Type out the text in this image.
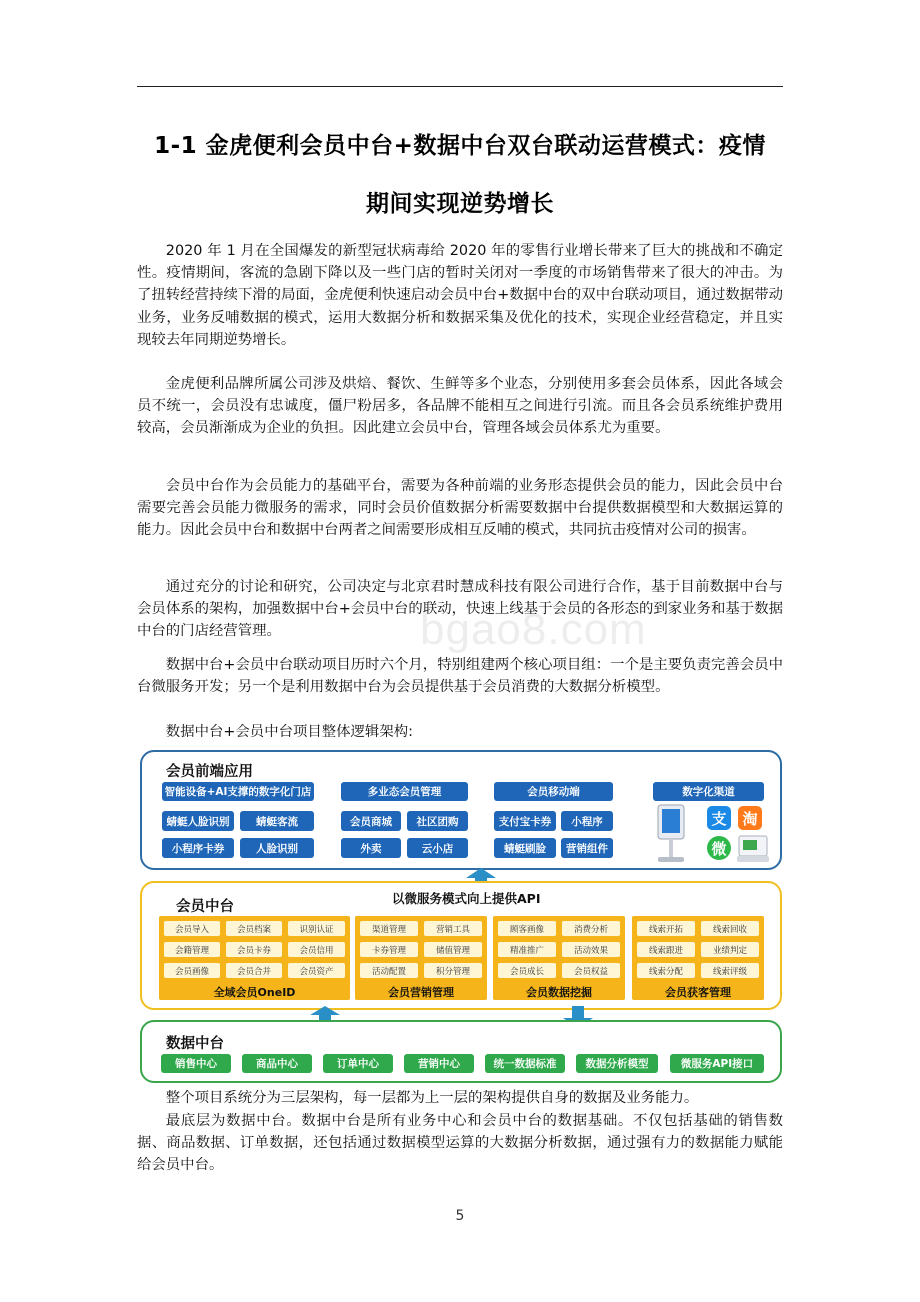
1-1 金虎便利会员中台+数据中台双台联动运营模式：疫情
期间实现逆势增长

2020 年 1 月在全国爆发的新型冠状病毒给 2020 年的零售行业增长带来了巨大的挑战和不确定性。疫情期间，客流的急剧下降以及一些门店的暂时关闭对一季度的市场销售带来了很大的冲击。为了扭转经营持续下滑的局面，金虎便利快速启动会员中台+数据中台的双中台联动项目，通过数据带动业务，业务反哺数据的模式，运用大数据分析和数据采集及优化的技术，实现企业经营稳定，并且实现较去年同期逆势增长。

金虎便利品牌所属公司涉及烘焙、餐饮、生鲜等多个业态，分别使用多套会员体系，因此各域会员不统一，会员没有忠诚度，僵尸粉居多，各品牌不能相互之间进行引流。而且各会员系统维护费用较高，会员渐渐成为企业的负担。因此建立会员中台，管理各域会员体系尤为重要。

会员中台作为会员能力的基础平台，需要为各种前端的业务形态提供会员的能力，因此会员中台需要完善会员能力微服务的需求，同时会员价值数据分析需要数据中台提供数据模型和大数据运算的能力。因此会员中台和数据中台两者之间需要形成相互反哺的模式，共同抗击疫情对公司的损害。

通过充分的讨论和研究，公司决定与北京君时慧成科技有限公司进行合作，基于目前数据中台与会员体系的架构，加强数据中台+会员中台的联动，快速上线基于会员的各形态的到家业务和基于数据中台的门店经营管理。

数据中台+会员中台联动项目历时六个月，特别组建两个核心项目组：一个是主要负责完善会员中台微服务开发；另一个是利用数据中台为会员提供基于会员消费的大数据分析模型。

数据中台+会员中台项目整体逻辑架构:

bgao8.com
会员前端应用
智能设备+AI支撑的数字化门店
蜻蜓人脸识别	蜻蜓客流
小程序卡券	人脸识别
多业态会员管理
会员商城	社区团购
外卖	云小店
会员移动端
支付宝卡券	小程序
蜻蜓刷脸	营销组件
数字化渠道
支	淘
微
会员中台
以微服务模式向上提供API
会员导入	会员档案	识别认证
会籍管理	会员卡券	会员信用
会员画像	会员合并	会员资产
全域会员OneID
渠道管理	营销工具
卡券管理	储值管理
活动配置	积分管理
会员营销管理
顾客画像	消费分析
精准推广	活动效果
会员成长	会员权益
会员数据挖掘
线索开拓	线索回收
线索跟进	业绩判定
线索分配	线索评级
会员获客管理
数据中台
销售中心	商品中心	订单中心	营销中心	统一数据标准	数据分析模型	微服务API接口

整个项目系统分为三层架构，每一层都为上一层的架构提供自身的数据及业务能力。

最底层为数据中台。数据中台是所有业务中心和会员中台的数据基础。不仅包括基础的销售数据、商品数据、订单数据，还包括通过数据模型运算的大数据分析数据，通过强有力的数据能力赋能给会员中台。

5
